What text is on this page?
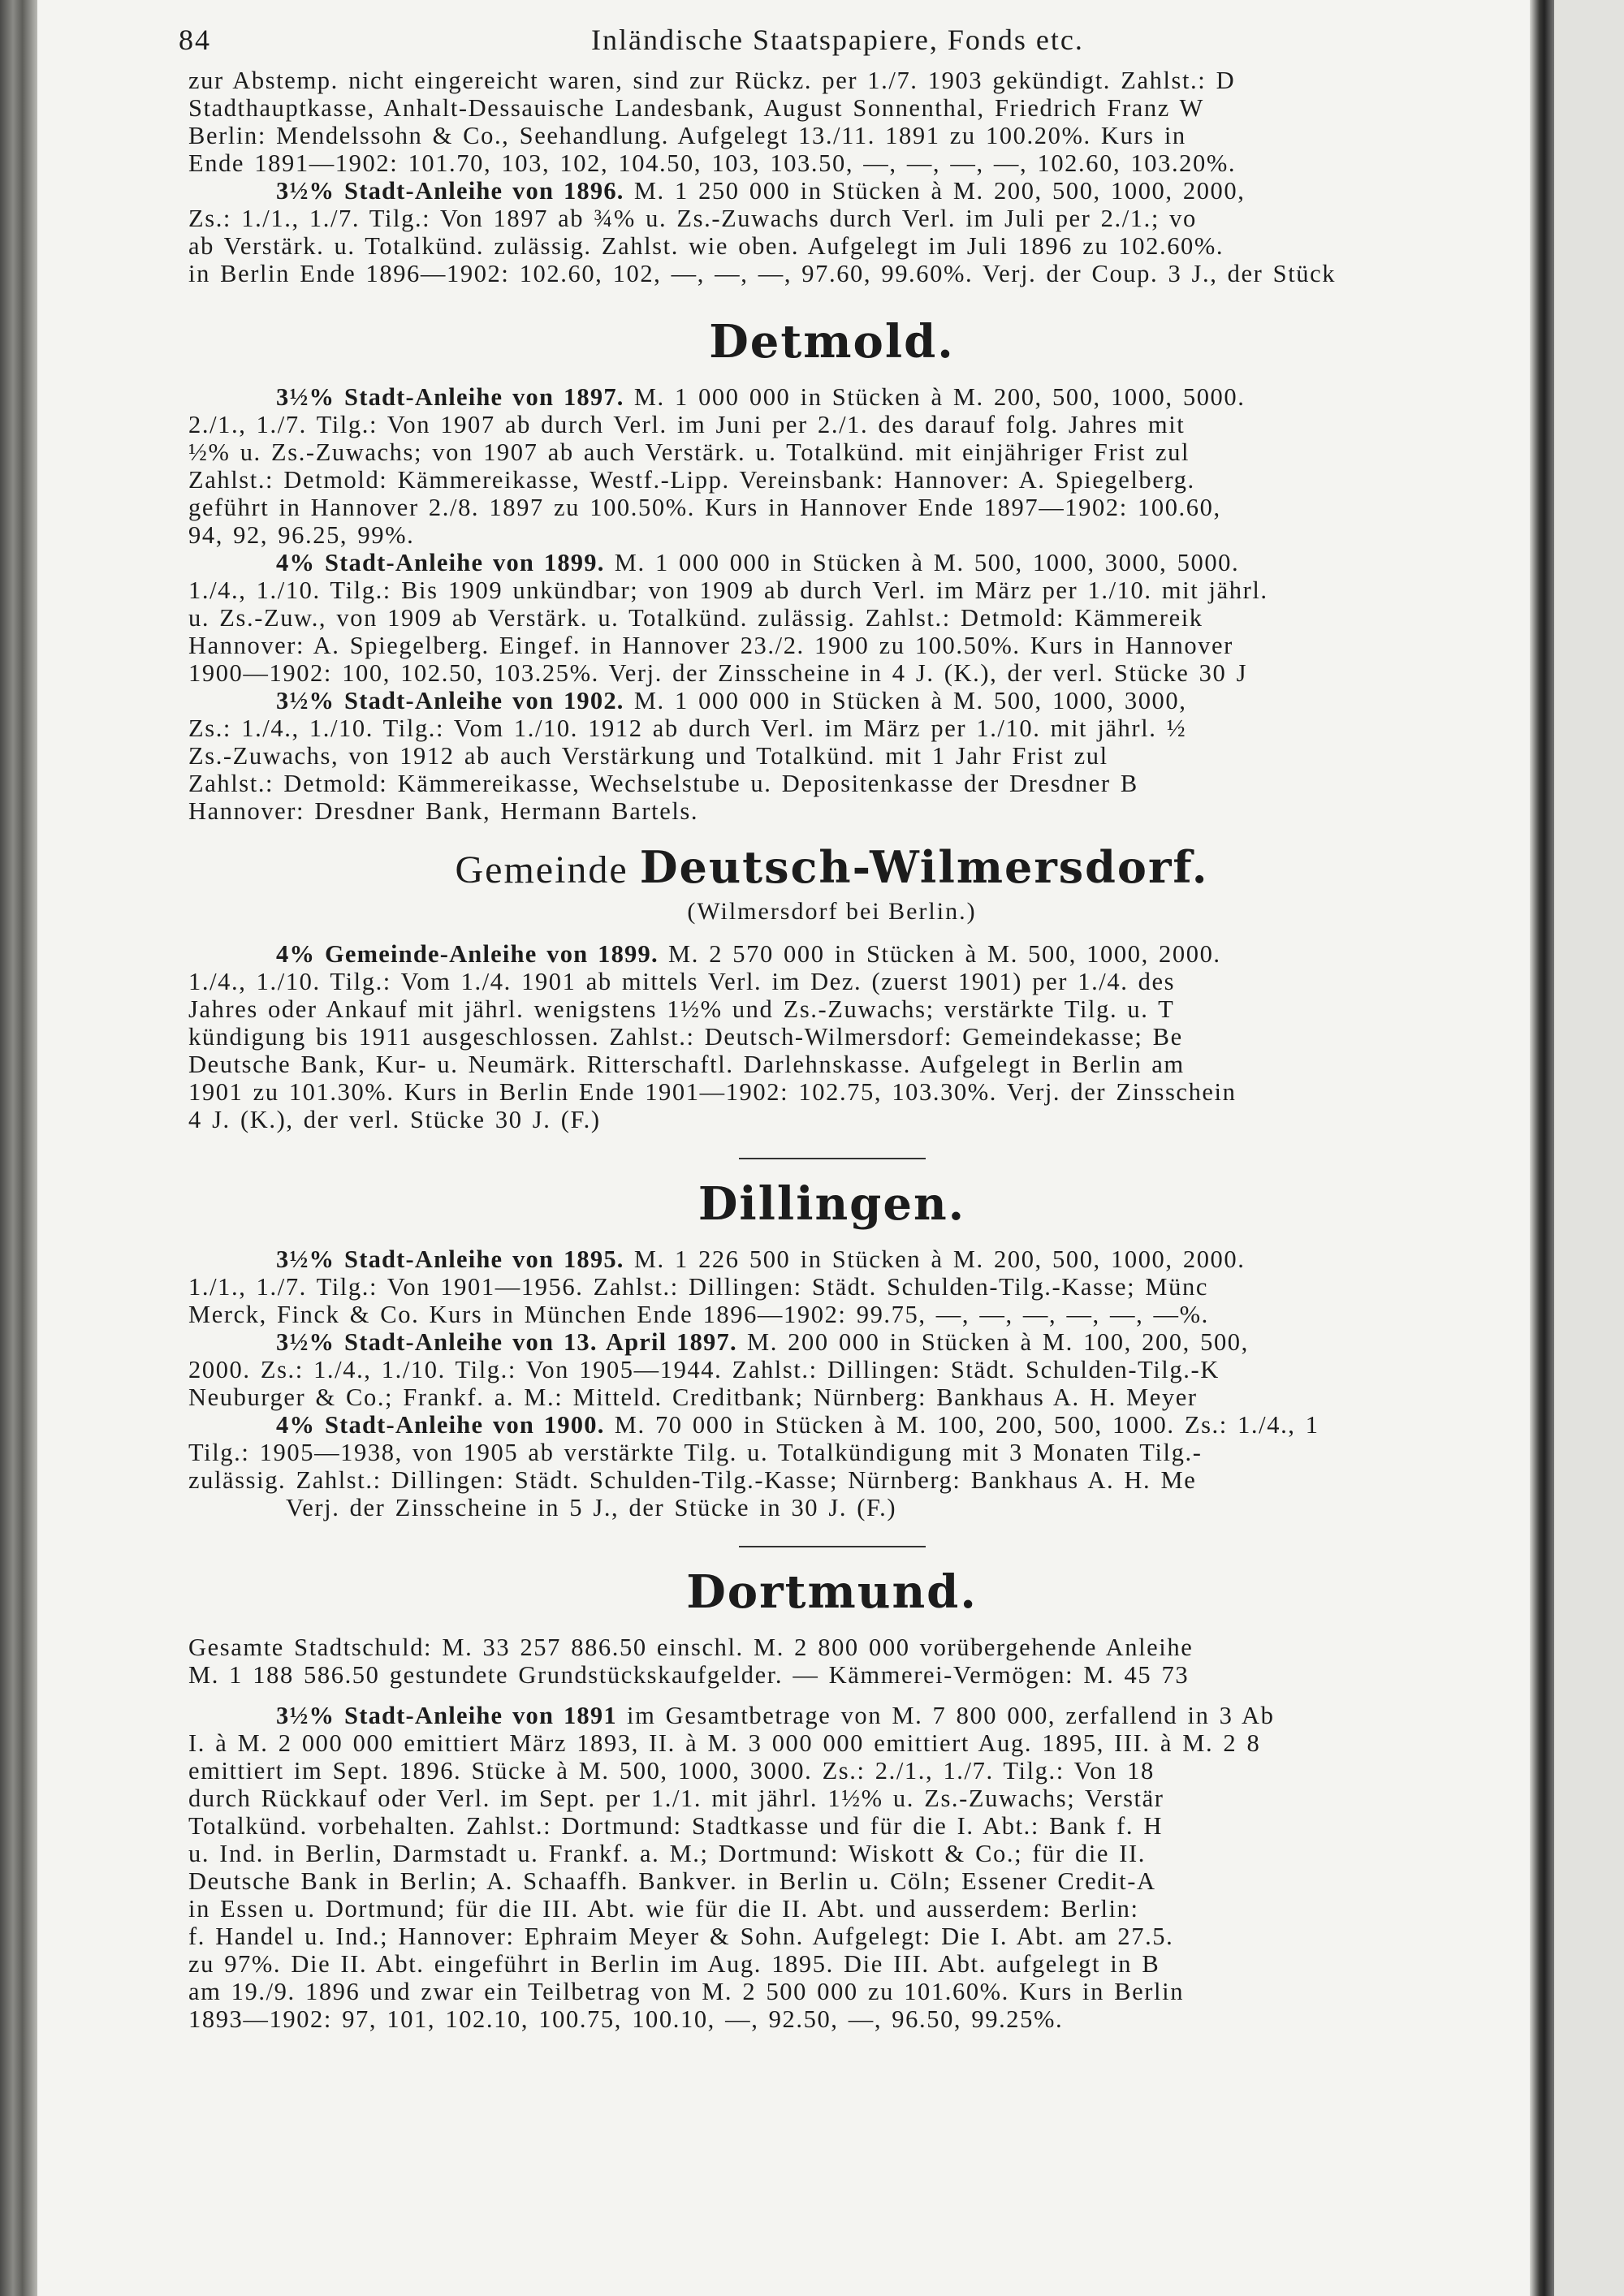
84	Inländische Staatspapiere, Fonds etc.

zur Abstemp. nicht eingereicht waren, sind zur Rückz. per 1./7. 1903 gekündigt. Zahlst.: D

Stadthauptkasse, Anhalt-Dessauische Landesbank, August Sonnenthal, Friedrich Franz W

Berlin: Mendelssohn & Co., Seehandlung. Aufgelegt 13./11. 1891 zu 100.20%. Kurs in

Ende 1891—1902: 101.70, 103, 102, 104.50, 103, 103.50, —, —, —, —, 102.60, 103.20%.

3½% Stadt-Anleihe von 1896. M. 1 250 000 in Stücken à M. 200, 500, 1000, 2000,

Zs.: 1./1., 1./7. Tilg.: Von 1897 ab ¾% u. Zs.-Zuwachs durch Verl. im Juli per 2./1.; vo

ab Verstärk. u. Totalkünd. zulässig. Zahlst. wie oben. Aufgelegt im Juli 1896 zu 102.60%.

in Berlin Ende 1896—1902: 102.60, 102, —, —, —, 97.60, 99.60%. Verj. der Coup. 3 J., der Stück

Detmold.

3½% Stadt-Anleihe von 1897. M. 1 000 000 in Stücken à M. 200, 500, 1000, 5000.

2./1., 1./7. Tilg.: Von 1907 ab durch Verl. im Juni per 2./1. des darauf folg. Jahres mit

½% u. Zs.-Zuwachs; von 1907 ab auch Verstärk. u. Totalkünd. mit einjähriger Frist zul

Zahlst.: Detmold: Kämmereikasse, Westf.-Lipp. Vereinsbank: Hannover: A. Spiegelberg.

geführt in Hannover 2./8. 1897 zu 100.50%. Kurs in Hannover Ende 1897—1902: 100.60,

94, 92, 96.25, 99%.

4% Stadt-Anleihe von 1899. M. 1 000 000 in Stücken à M. 500, 1000, 3000, 5000.

1./4., 1./10. Tilg.: Bis 1909 unkündbar; von 1909 ab durch Verl. im März per 1./10. mit jährl.

u. Zs.-Zuw., von 1909 ab Verstärk. u. Totalkünd. zulässig. Zahlst.: Detmold: Kämmereik

Hannover: A. Spiegelberg. Eingef. in Hannover 23./2. 1900 zu 100.50%. Kurs in Hannover

1900—1902: 100, 102.50, 103.25%. Verj. der Zinsscheine in 4 J. (K.), der verl. Stücke 30 J

3½% Stadt-Anleihe von 1902. M. 1 000 000 in Stücken à M. 500, 1000, 3000,

Zs.: 1./4., 1./10. Tilg.: Vom 1./10. 1912 ab durch Verl. im März per 1./10. mit jährl. ½

Zs.-Zuwachs, von 1912 ab auch Verstärkung und Totalkünd. mit 1 Jahr Frist zul

Zahlst.: Detmold: Kämmereikasse, Wechselstube u. Depositenkasse der Dresdner B

Hannover: Dresdner Bank, Hermann Bartels.

Gemeinde Deutsch-Wilmersdorf.
(Wilmersdorf bei Berlin.)

4% Gemeinde-Anleihe von 1899. M. 2 570 000 in Stücken à M. 500, 1000, 2000.

1./4., 1./10. Tilg.: Vom 1./4. 1901 ab mittels Verl. im Dez. (zuerst 1901) per 1./4. des

Jahres oder Ankauf mit jährl. wenigstens 1½% und Zs.-Zuwachs; verstärkte Tilg. u. T

kündigung bis 1911 ausgeschlossen. Zahlst.: Deutsch-Wilmersdorf: Gemeindekasse; Be

Deutsche Bank, Kur- u. Neumärk. Ritterschaftl. Darlehnskasse. Aufgelegt in Berlin am

1901 zu 101.30%. Kurs in Berlin Ende 1901—1902: 102.75, 103.30%. Verj. der Zinsschein

4 J. (K.), der verl. Stücke 30 J. (F.)

Dillingen.

3½% Stadt-Anleihe von 1895. M. 1 226 500 in Stücken à M. 200, 500, 1000, 2000.

1./1., 1./7. Tilg.: Von 1901—1956. Zahlst.: Dillingen: Städt. Schulden-Tilg.-Kasse; Münc

Merck, Finck & Co. Kurs in München Ende 1896—1902: 99.75, —, —, —, —, —, —%.

3½% Stadt-Anleihe von 13. April 1897. M. 200 000 in Stücken à M. 100, 200, 500,

2000. Zs.: 1./4., 1./10. Tilg.: Von 1905—1944. Zahlst.: Dillingen: Städt. Schulden-Tilg.-K

Neuburger & Co.; Frankf. a. M.: Mitteld. Creditbank; Nürnberg: Bankhaus A. H. Meyer

4% Stadt-Anleihe von 1900. M. 70 000 in Stücken à M. 100, 200, 500, 1000. Zs.: 1./4., 1

Tilg.: 1905—1938, von 1905 ab verstärkte Tilg. u. Totalkündigung mit 3 Monaten Tilg.-

zulässig. Zahlst.: Dillingen: Städt. Schulden-Tilg.-Kasse; Nürnberg: Bankhaus A. H. Me

Verj. der Zinsscheine in 5 J., der Stücke in 30 J. (F.)

Dortmund.

Gesamte Stadtschuld: M. 33 257 886.50 einschl. M. 2 800 000 vorübergehende Anleihe

M. 1 188 586.50 gestundete Grundstückskaufgelder. — Kämmerei-Vermögen: M. 45 73

3½% Stadt-Anleihe von 1891 im Gesamtbetrage von M. 7 800 000, zerfallend in 3 Ab

I. à M. 2 000 000 emittiert März 1893, II. à M. 3 000 000 emittiert Aug. 1895, III. à M. 2 8

emittiert im Sept. 1896. Stücke à M. 500, 1000, 3000. Zs.: 2./1., 1./7. Tilg.: Von 18

durch Rückkauf oder Verl. im Sept. per 1./1. mit jährl. 1½% u. Zs.-Zuwachs; Verstär

Totalkünd. vorbehalten. Zahlst.: Dortmund: Stadtkasse und für die I. Abt.: Bank f. H

u. Ind. in Berlin, Darmstadt u. Frankf. a. M.; Dortmund: Wiskott & Co.; für die II.

Deutsche Bank in Berlin; A. Schaaffh. Bankver. in Berlin u. Cöln; Essener Credit-A

in Essen u. Dortmund; für die III. Abt. wie für die II. Abt. und ausserdem: Berlin:

f. Handel u. Ind.; Hannover: Ephraim Meyer & Sohn. Aufgelegt: Die I. Abt. am 27.5.

zu 97%. Die II. Abt. eingeführt in Berlin im Aug. 1895. Die III. Abt. aufgelegt in B

am 19./9. 1896 und zwar ein Teilbetrag von M. 2 500 000 zu 101.60%. Kurs in Berlin

1893—1902: 97, 101, 102.10, 100.75, 100.10, —, 92.50, —, 96.50, 99.25%.
